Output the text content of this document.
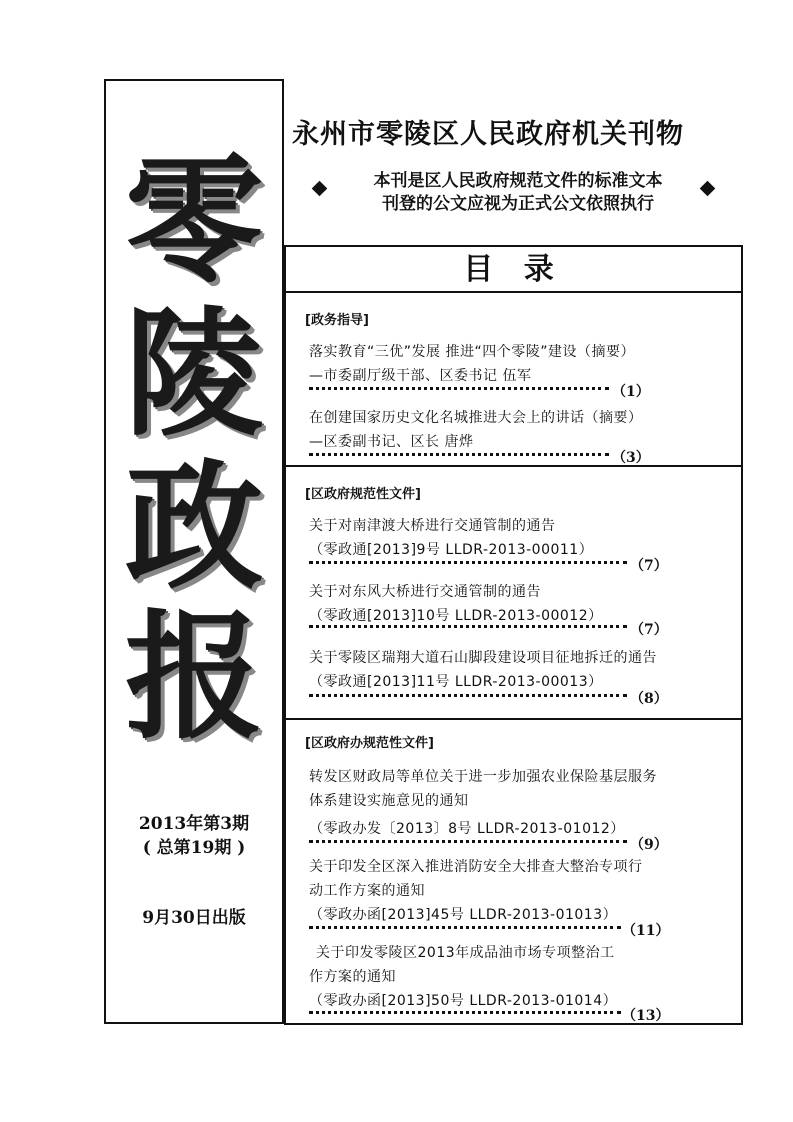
零
陵
政
报
2013年第3期
( 总第19期 )
9月30日出版
永州市零陵区人民政府机关刊物
本刊是区人民政府规范文件的标准文本
刊登的公文应视为正式公文依照执行
目 录
[政务指导]
落实教育“三优”发展 推进“四个零陵”建设（摘要）
—市委副厅级干部、区委书记 伍军
（1）
在创建国家历史文化名城推进大会上的讲话（摘要）
—区委副书记、区长 唐烨
（3）
[区政府规范性文件]
关于对南津渡大桥进行交通管制的通告
（零政通[2013]9号 LLDR-2013-00011）
（7）
关于对东风大桥进行交通管制的通告
（零政通[2013]10号 LLDR-2013-00012）
（7）
关于零陵区瑞翔大道石山脚段建设项目征地拆迁的通告
（零政通[2013]11号 LLDR-2013-00013）
（8）
[区政府办规范性文件]
转发区财政局等单位关于进一步加强农业保险基层服务
体系建设实施意见的通知
（零政办发〔2013〕8号 LLDR-2013-01012）
（9）
关于印发全区深入推进消防安全大排查大整治专项行
动工作方案的通知
（零政办函[2013]45号 LLDR-2013-01013）
（11）
关于印发零陵区2013年成品油市场专项整治工
作方案的通知
（零政办函[2013]50号 LLDR-2013-01014）
（13）
